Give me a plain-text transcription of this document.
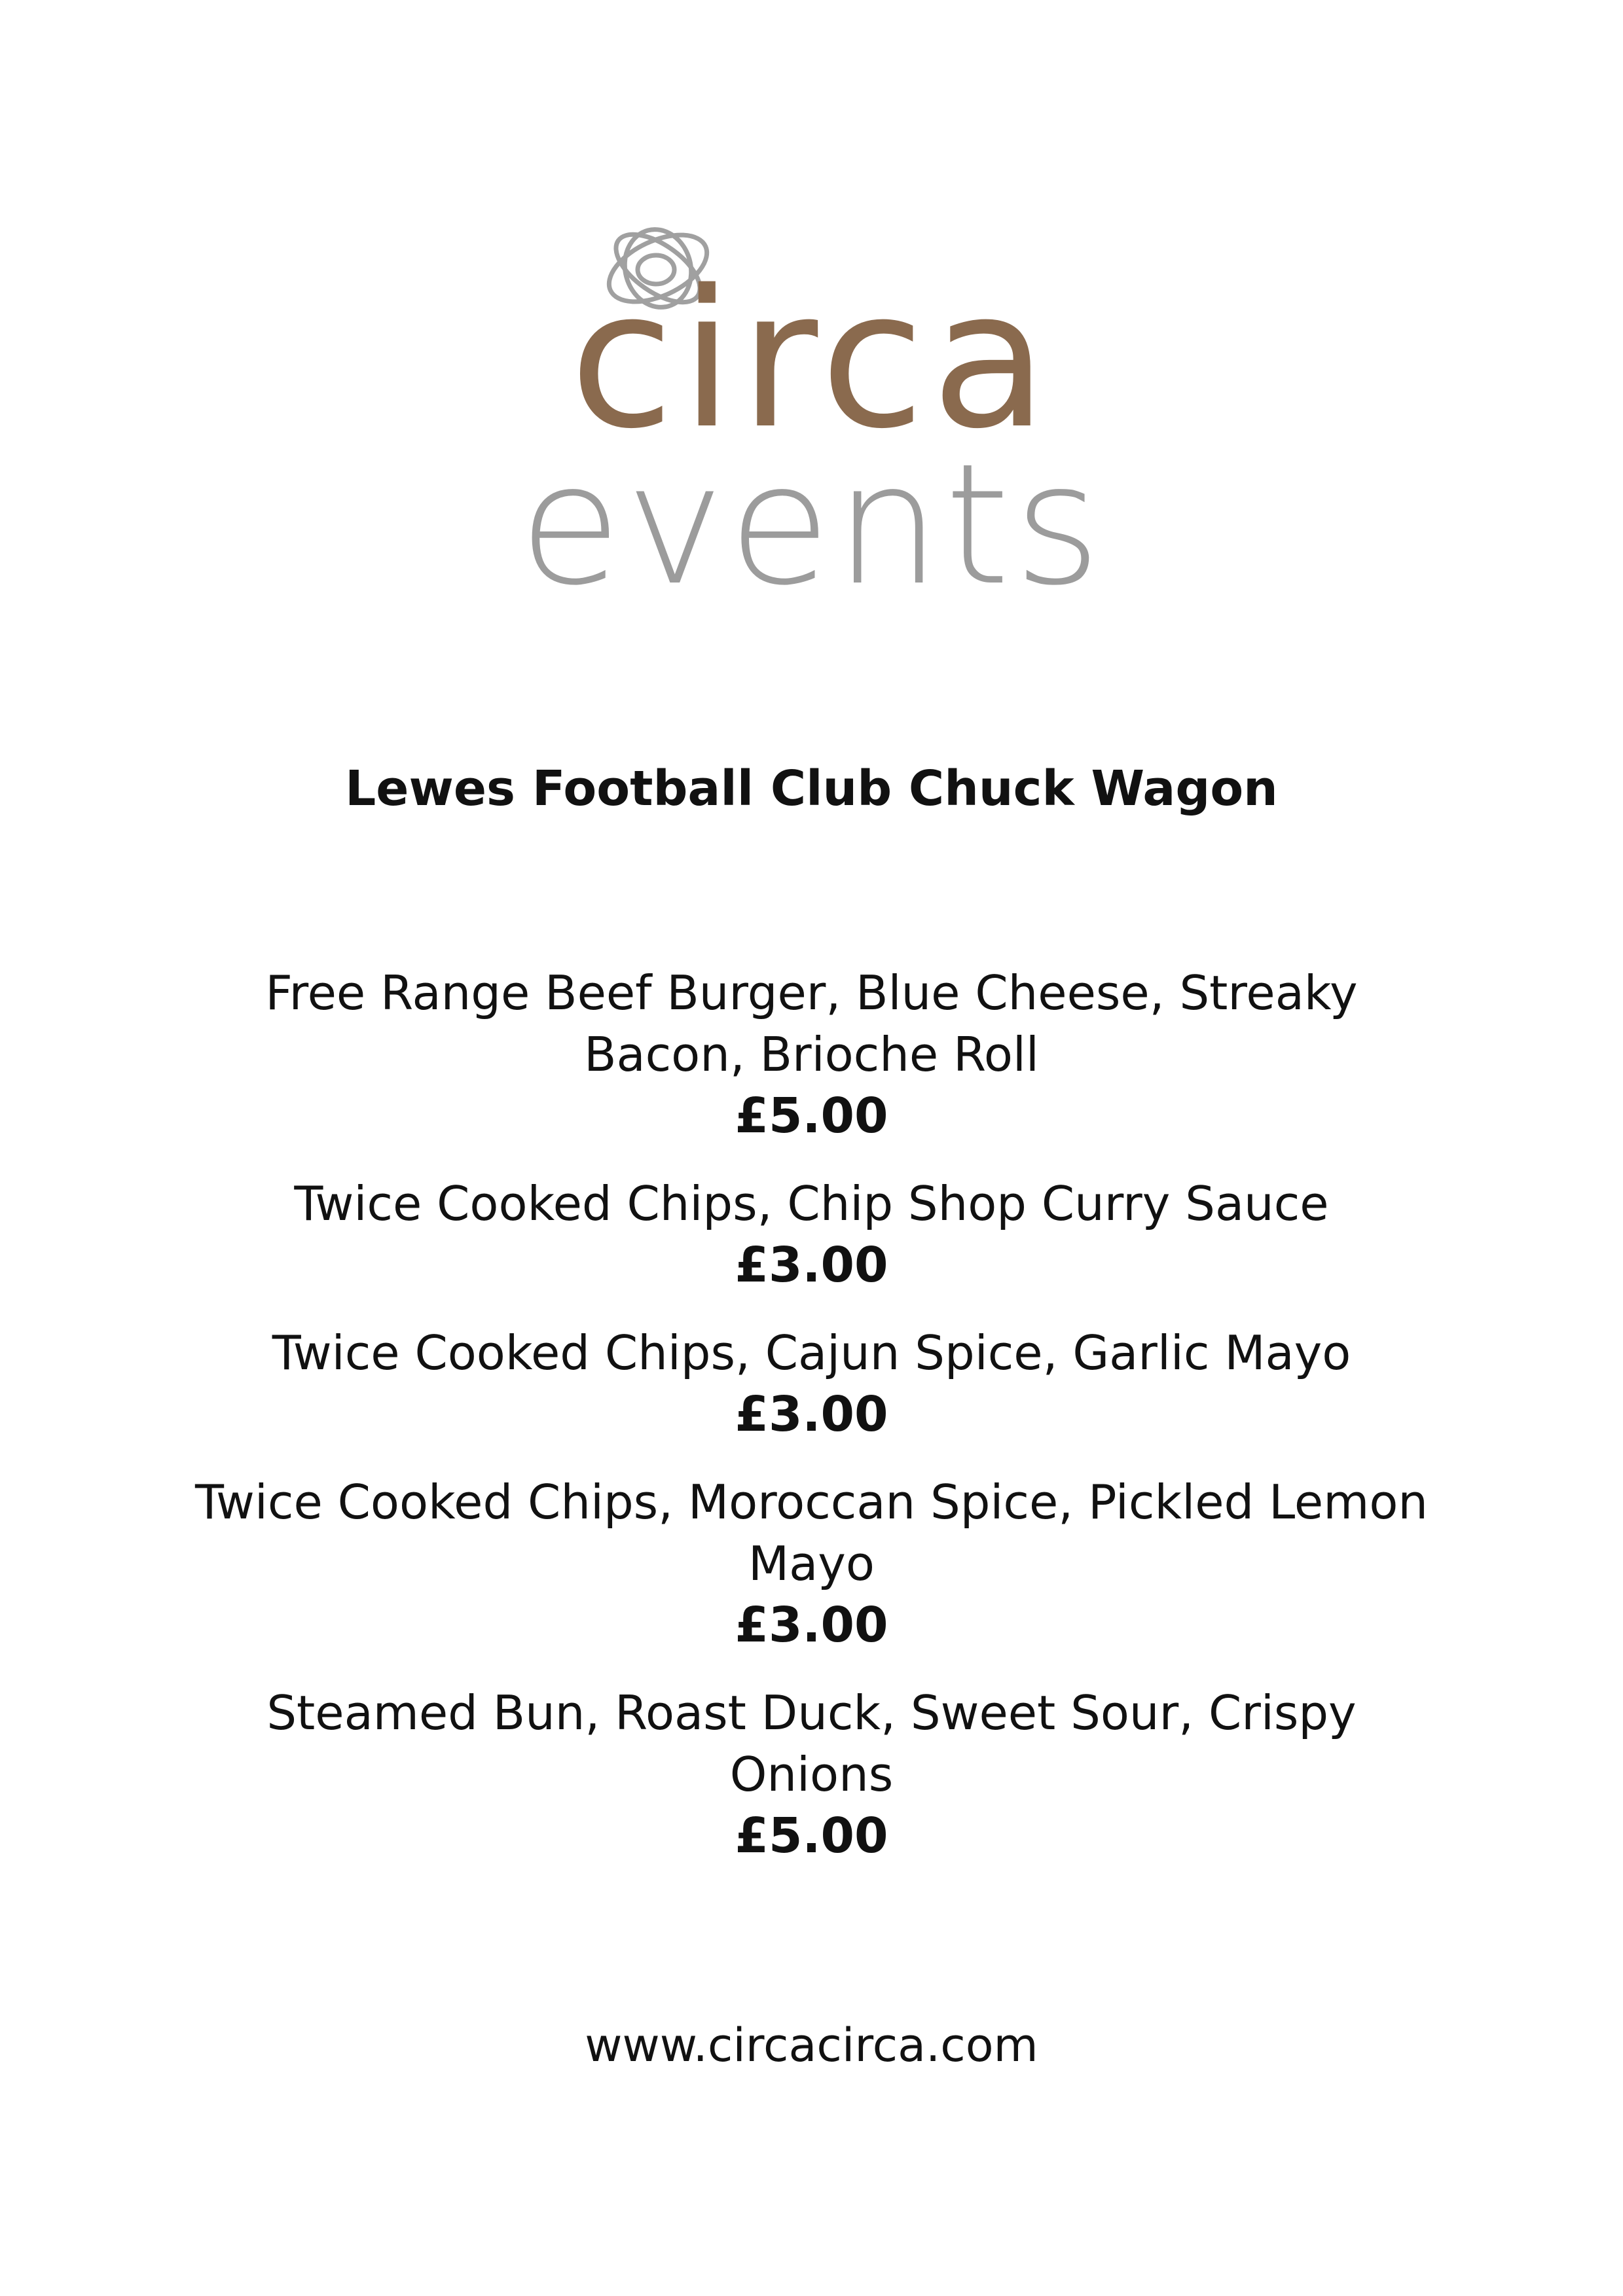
circa
events
Lewes Football Club Chuck Wagon
Free Range Beef Burger, Blue Cheese, Streaky Bacon, Brioche Roll
£5.00
Twice Cooked Chips, Chip Shop Curry Sauce
£3.00
Twice Cooked Chips, Cajun Spice, Garlic Mayo
£3.00
Twice Cooked Chips, Moroccan Spice, Pickled Lemon Mayo
£3.00
Steamed Bun, Roast Duck, Sweet Sour, Crispy Onions
£5.00
www.circacirca.com
